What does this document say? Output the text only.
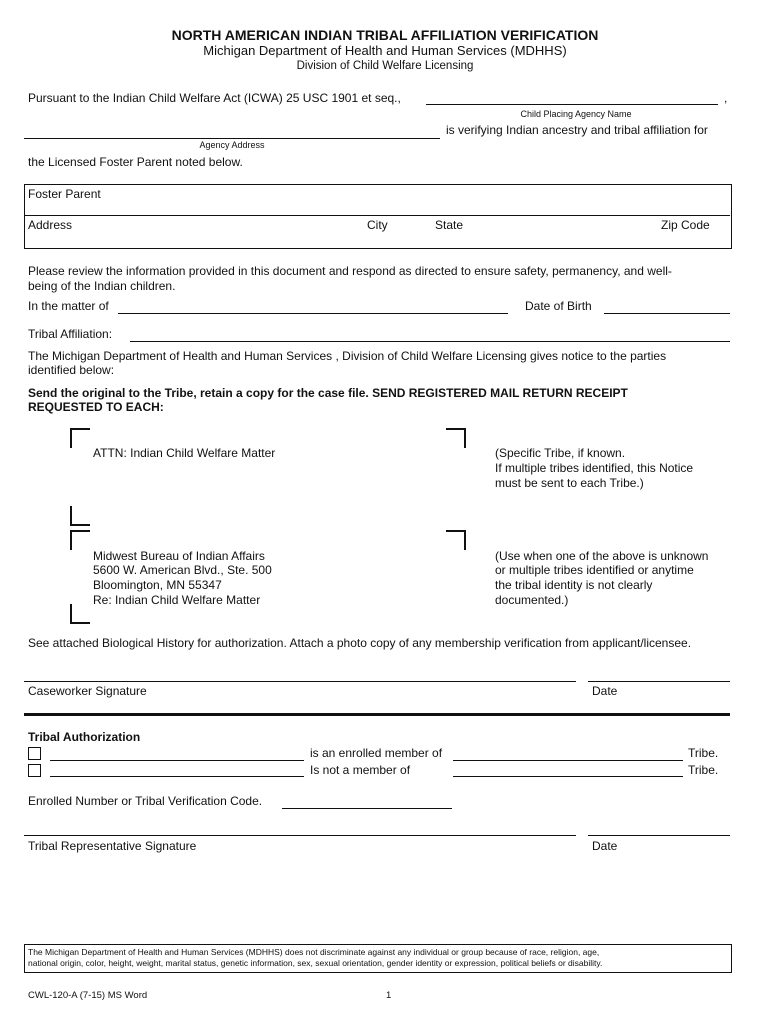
NORTH AMERICAN INDIAN TRIBAL AFFILIATION VERIFICATION
Michigan Department of Health and Human Services (MDHHS)
Division of Child Welfare Licensing
Pursuant to the Indian Child Welfare Act (ICWA) 25 USC 1901 et seq.,	,
Child Placing Agency Name
is verifying Indian ancestry and tribal affiliation for
Agency Address
the Licensed Foster Parent noted below.
Foster Parent
Address	City	State	Zip Code
Please review the information provided in this document and respond as directed to ensure safety, permanency, and well-
being of the Indian children.
In the matter of	Date of Birth
Tribal Affiliation:
The Michigan Department of Health and Human Services , Division of Child Welfare Licensing gives notice to the parties
identified below:
Send the original to the Tribe, retain a copy for the case file. SEND REGISTERED MAIL RETURN RECEIPT
REQUESTED TO EACH:
ATTN: Indian Child Welfare Matter	(Specific Tribe, if known.
If multiple tribes identified, this Notice
must be sent to each Tribe.)
Midwest Bureau of Indian Affairs
5600 W. American Blvd., Ste. 500
Bloomington, MN 55347
Re: Indian Child Welfare Matter
(Use when one of the above is unknown
or multiple tribes identified or anytime
the tribal identity is not clearly
documented.)
See attached Biological History for authorization. Attach a photo copy of any membership verification from applicant/licensee.
Caseworker Signature	Date
Tribal Authorization
is an enrolled member of	Tribe.
Is not a member of	Tribe.
Enrolled Number or Tribal Verification Code.
Tribal Representative Signature	Date
The Michigan Department of Health and Human Services (MDHHS) does not discriminate against any individual or group because of race, religion, age,
national origin, color, height, weight, marital status, genetic information, sex, sexual orientation, gender identity or expression, political beliefs or disability.
CWL-120-A (7-15) MS Word	1
